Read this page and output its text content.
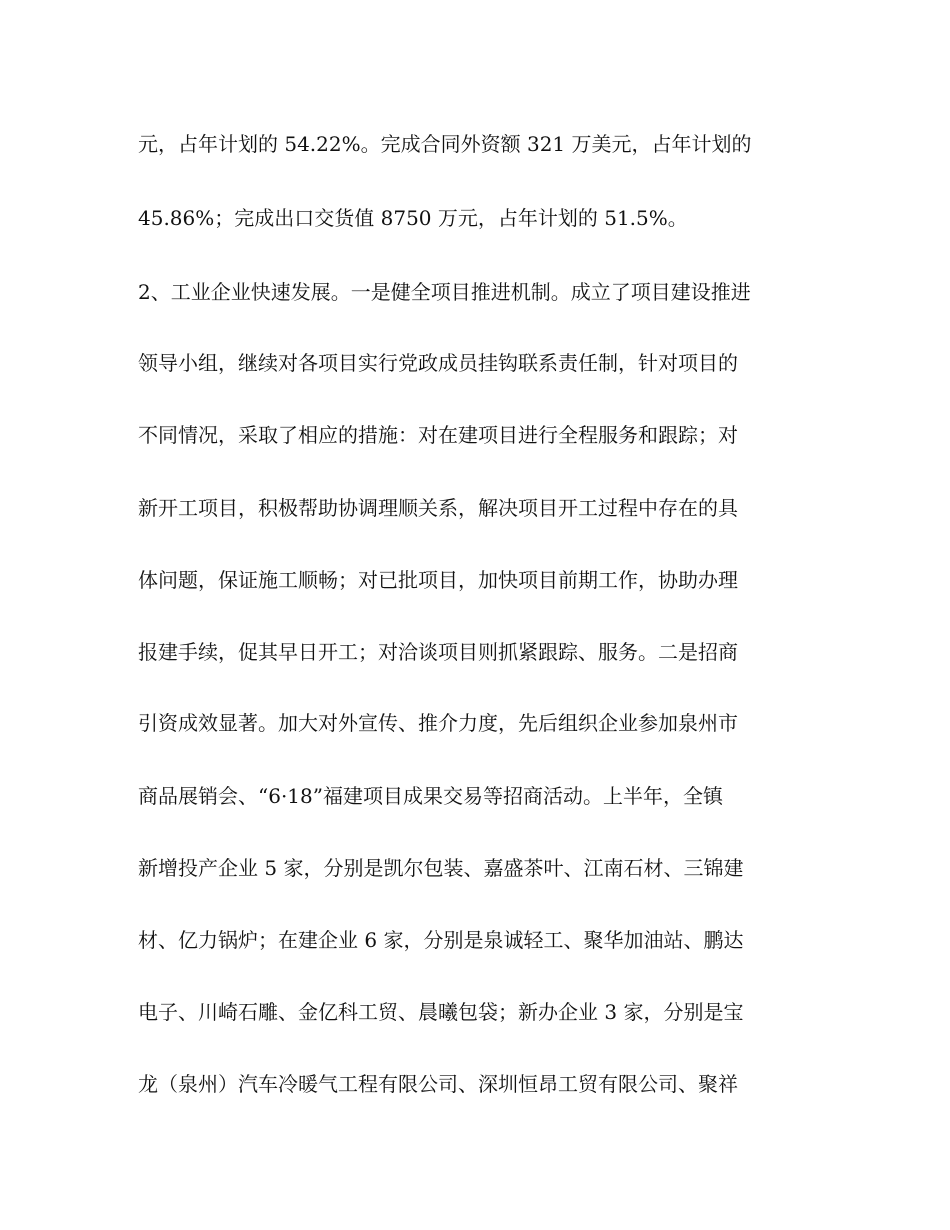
元，占年计划的 54.22%。完成合同外资额 321 万美元，占年计划的

45.86%；完成出口交货值 8750 万元，占年计划的 51.5%。

2、工业企业快速发展。一是健全项目推进机制。成立了项目建设推进

领导小组，继续对各项目实行党政成员挂钩联系责任制，针对项目的

不同情况，采取了相应的措施：对在建项目进行全程服务和跟踪；对

新开工项目，积极帮助协调理顺关系，解决项目开工过程中存在的具

体问题，保证施工顺畅；对已批项目，加快项目前期工作，协助办理

报建手续，促其早日开工；对洽谈项目则抓紧跟踪、服务。二是招商

引资成效显著。加大对外宣传、推介力度，先后组织企业参加泉州市

商品展销会、“6·18”福建项目成果交易等招商活动。上半年，全镇

新增投产企业 5 家，分别是凯尔包装、嘉盛茶叶、江南石材、三锦建

材、亿力锅炉；在建企业 6 家，分别是泉诚轻工、聚华加油站、鹏达

电子、川崎石雕、金亿科工贸、晨曦包袋；新办企业 3 家，分别是宝

龙（泉州）汽车冷暖气工程有限公司、深圳恒昂工贸有限公司、聚祥
